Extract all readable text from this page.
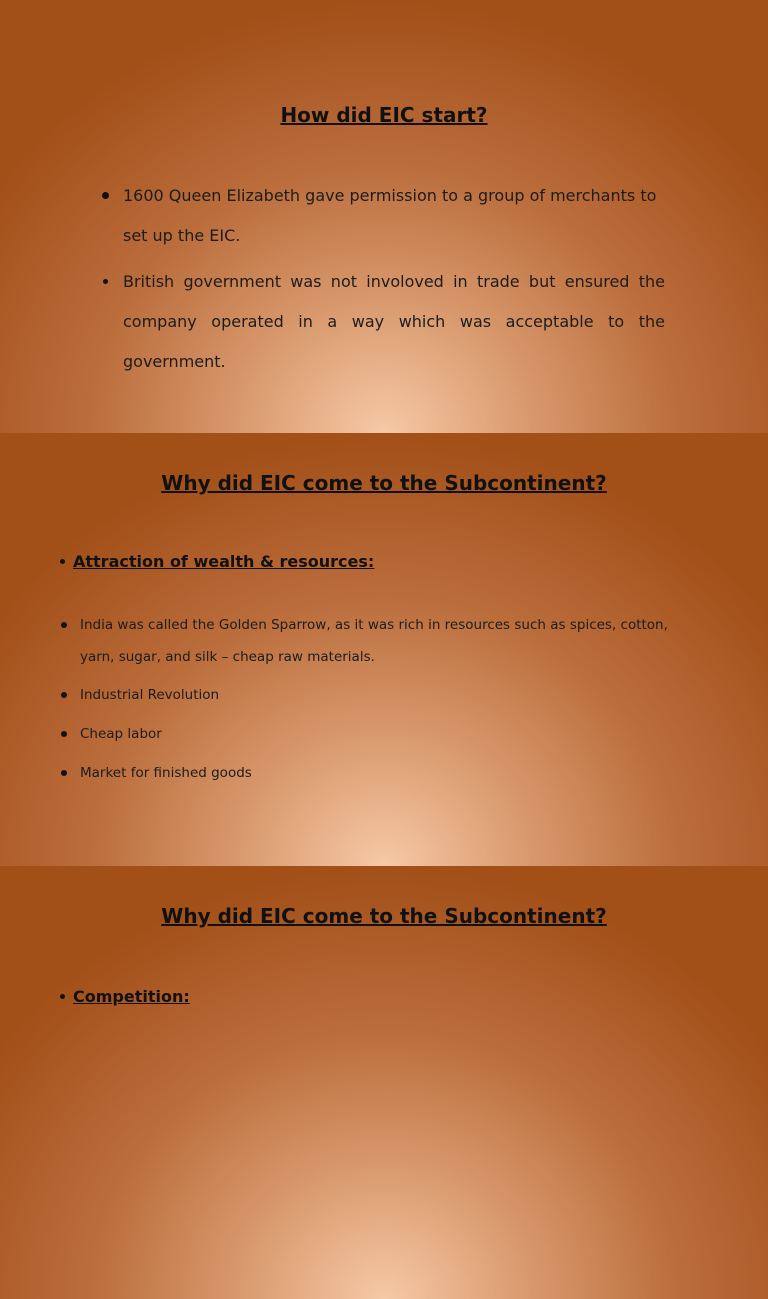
How did EIC start?
1600 Queen Elizabeth gave permission to a group of merchants to set up the EIC.
British government was not involoved in trade but ensured the company operated in a way which was acceptable to the government.
Why did EIC come to the Subcontinent?
Attraction of wealth & resources:
India was called the Golden Sparrow, as it was rich in resources such as spices, cotton, yarn, sugar, and silk – cheap raw materials.
Industrial Revolution
Cheap labor
Market for finished goods
Why did EIC come to the Subcontinent?
Competition:
